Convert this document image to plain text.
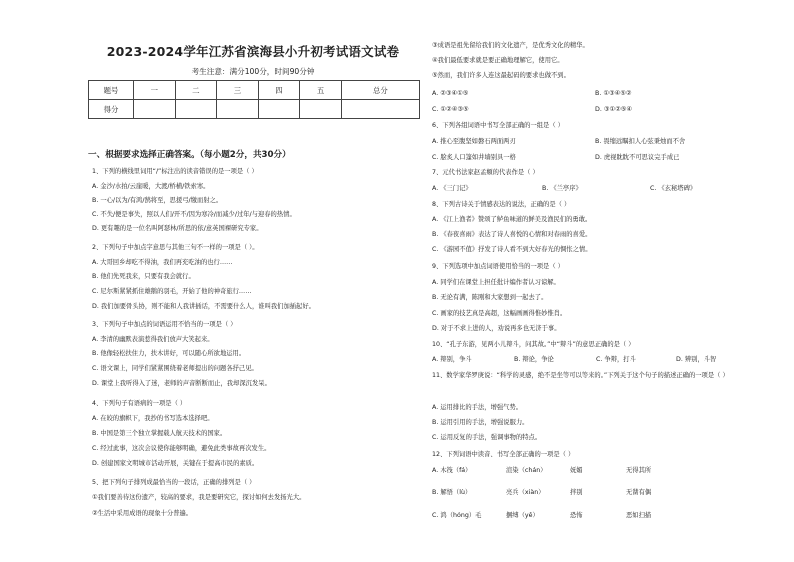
2023-2024学年江苏省滨海县小升初考试语文试卷
考生注意：满分100分，时间90分钟
题号	一	二	三	四	五	总分
得分						
一、根据要求选择正确答案。（每小题2分，共30分）
1、下列的横线里词用“/”标注出的读音错误的是一项是（ ）
A. 金沙/水拍/云崖暖，大渡/桥横/铁索寒。
B. 一心/以为/有鸿/鹄将至，思援弓/缴而射之。
C. 不失/便是事失，照以人们/开不/因为寒冷/而减少/过年/与迎春的热情。
D. 更有趣的是一位名叫阿瑟林/所思的依/意英国裸研究专家。
2、下列句子中加点字意思与其他三句不一样的一项是（ ）。
A. 大哥回乡却吃不得油，我们再充吃油的也行……
B. 他们先死我来，只要有我会就行。
C. 尼尔斯紧紧抓住雄鹅的羽毛，开始了他的神奇旅行……
D. 我们加要骨头协，则不能和人我讲插话，不需要什么人，谁叫我们加插起好。
3、下列句子中加点的词语运用不恰当的一项是（ ）
A. 李清的幽默表演惹得我们放声大笑起来。
B. 他像轻松扶住力，扶木讲好，可以随心所欲地运用。
C. 语文课上，同学们紧紧围绕着老师提出的问题各抒己见。
D. 课堂上我听得入了迷，老师的声音断断而止，我却深沉发呆。
4、下列句子有语病的一项是（ ）
A. 在皎的旗帜下，我抄的书写选本选择吧。
B. 中国是第三个独立掌握载人航天技术的国家。
C. 经过此事，这次会议使你能够明确，避免此类事故再次发生。
D. 创建国家文明城市活动开展，关键在于提高市民的素质。
5、把下列句子排列成最恰当的一段话，正确的排列是（ ）
①我们要善待这份遗产，较高的要求，我是要研究它，探讨如何去发扬光大。
②生活中采用成语的现象十分普遍。
③成语是祖先留给我们的文化遗产，是优秀文化的精华。
④我们最低要求就是要正确地理解它，使用它。
⑤然而，我们许多人连这最起码的要求也做不到。
A. ②③④①⑤	B. ①③④⑤②
C. ①②④③⑤	D. ③①②⑤④
6、下列各组词语中书写全部正确的一组是（ ）
A. 推心至腹坚如磐石两面两刃	B. 畏缩远瞩扣人心弦秉烛而不舍
C. 脍炙人口篷如井墙别具一格	D. 虎视眈眈不可思议完手成已
7、元代书法家赵孟頫的代表作是（ ）
A. 《三门记》	B. 《兰亭序》	C. 《玄秘塔碑》
8、下列古诗关于情感表达的说法，正确的是（ ）
A. 《江上渔者》赞颂了鲈鱼味道的鲜美及渔民们的勇敢。
B. 《春夜喜雨》表达了诗人喜悦的心情和对春雨的喜爱。
C. 《游园不值》抒发了诗人看不到大好春光的惆怅之情。
9、下列选项中加点词语使用恰当的一项是（ ）
A. 同学们在课堂上担任批计编作者认习谅解。
B. 无论有满，陈刚和大家想到一起去了。
C. 画家的技艺真是高超，这幅画画得惟妙惟肖。
D. 对于不求上进的人，劝说再多也无济于事。
10、“孔子东游，见两小儿辩斗，问其故。”中“辩斗”的意思正确的是（ ）
A. 辩别，争斗	B. 辩论，争论	C. 争辩，打斗	D. 辨别，斗智
11、数学家华罗庚说：“科学的灵感，绝不是坐等可以等来的。”下列关于这个句子的描述正确的一项是（ ）
A. 运用排比的手法，增强气势。
B. 运用引用的手法，增强说服力。
C. 运用反复的手法，强调事物的特点。
12、下列词语中读音、书写全部正确的一项是（ ）
A. 木筏（fá）	渲染（chán）	妩媚	无得其所
B. 解悟（lù）	亮兵（xiàn）	拌别	无凿有偶
C. 鸿（hóng）毛	捆缚（yě）	恐怖	恶如扫描
